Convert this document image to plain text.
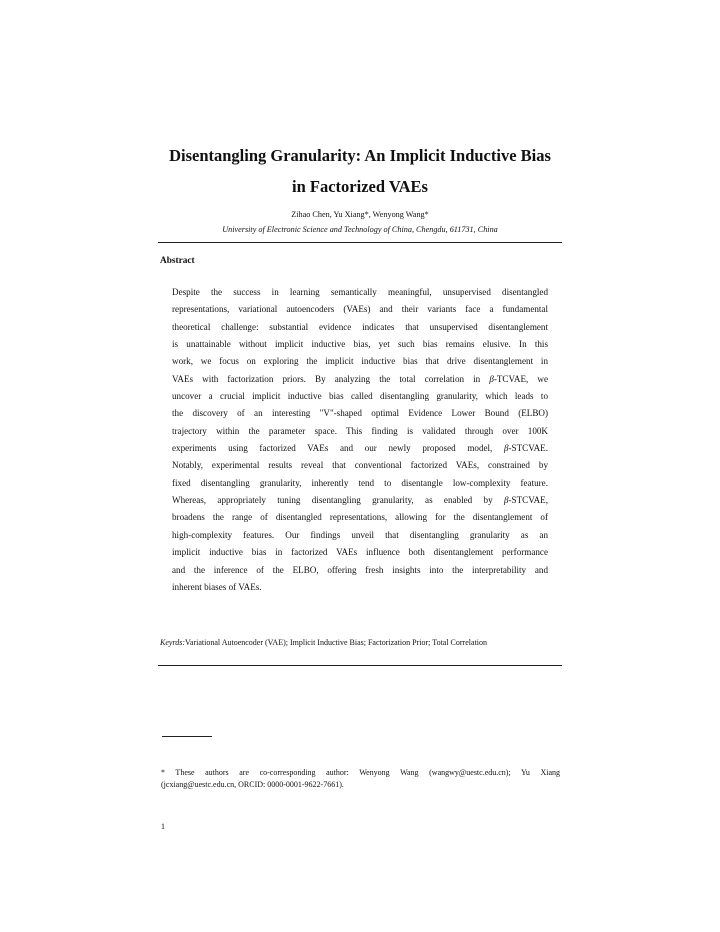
Disentangling Granularity: An Implicit Inductive Bias
in Factorized VAEs
Zihao Chen, Yu Xiang*, Wenyong Wang*
University of Electronic Science and Technology of China, Chengdu, 611731, China
Abstract
Despite the success in learning semantically meaningful, unsupervised disentangled
representations, variational autoencoders (VAEs) and their variants face a fundamental
theoretical challenge: substantial evidence indicates that unsupervised disentanglement
is unattainable without implicit inductive bias, yet such bias remains elusive. In this
work, we focus on exploring the implicit inductive bias that drive disentanglement in
VAEs with factorization priors. By analyzing the total correlation in β-TCVAE, we
uncover a crucial implicit inductive bias called disentangling granularity, which leads to
the discovery of an interesting "V"-shaped optimal Evidence Lower Bound (ELBO)
trajectory within the parameter space. This finding is validated through over 100K
experiments using factorized VAEs and our newly proposed model, β-STCVAE.
Notably, experimental results reveal that conventional factorized VAEs, constrained by
fixed disentangling granularity, inherently tend to disentangle low-complexity feature.
Whereas, appropriately tuning disentangling granularity, as enabled by β-STCVAE,
broadens the range of disentangled representations, allowing for the disentanglement of
high-complexity features. Our findings unveil that disentangling granularity as an
implicit inductive bias in factorized VAEs influence both disentanglement performance
and the inference of the ELBO, offering fresh insights into the interpretability and
inherent biases of VAEs.
Keyrds:Variational Autoencoder (VAE); Implicit Inductive Bias; Factorization Prior; Total Correlation
* These authors are co-corresponding author: Wenyong Wang (wangwy@uestc.edu.cn); Yu Xiang
(jcxiang@uestc.edu.cn, ORCID: 0000-0001-9622-7661).
1
